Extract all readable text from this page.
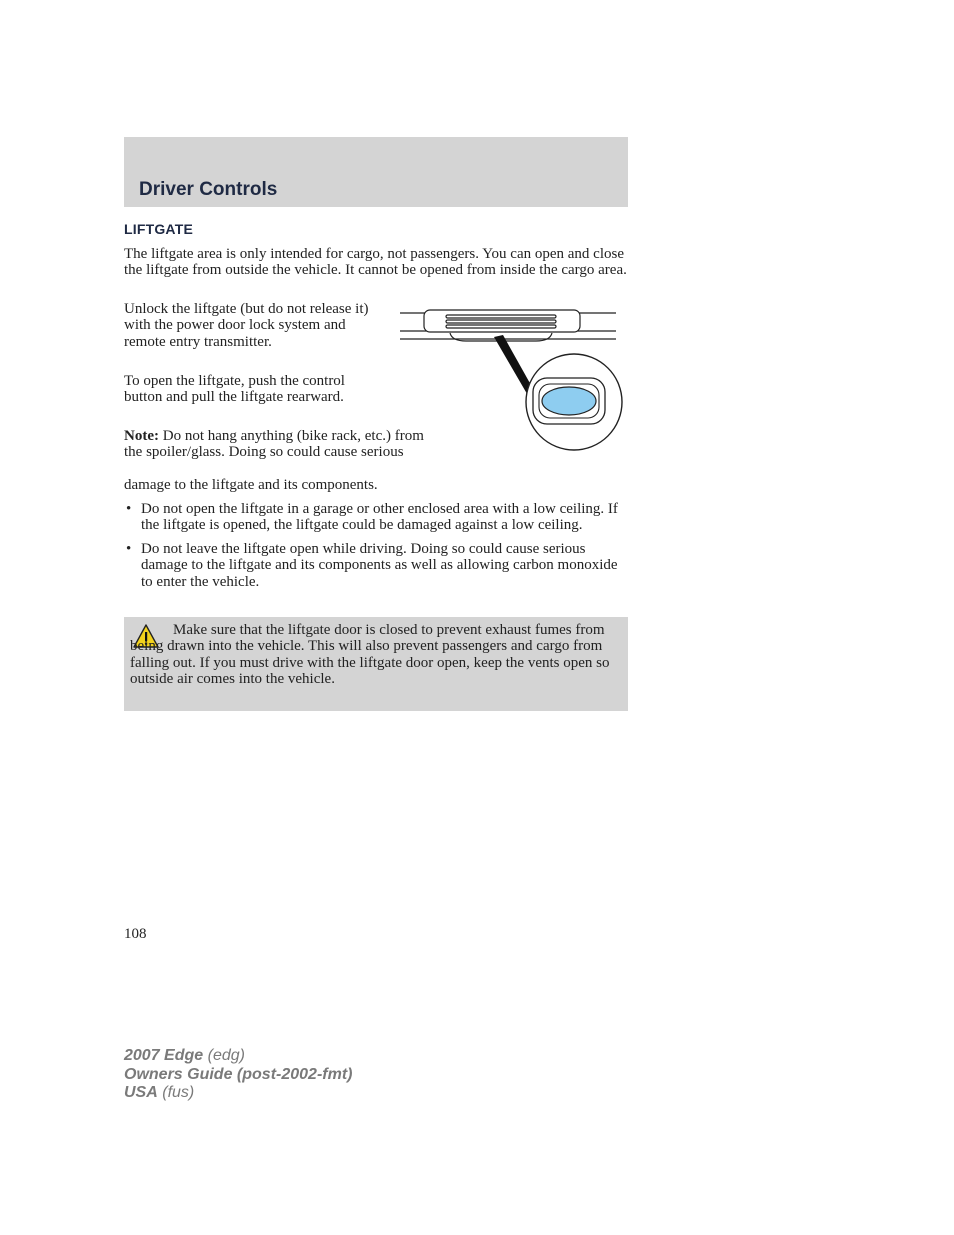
Driver Controls
LIFTGATE
The liftgate area is only intended for cargo, not passengers. You can open and close the liftgate from outside the vehicle. It cannot be opened from inside the cargo area.
Unlock the liftgate (but do not release it) with the power door lock system and remote entry transmitter.
To open the liftgate, push the control button and pull the liftgate rearward.
Note: Do not hang anything (bike rack, etc.) from the spoiler/glass. Doing so could cause serious
damage to the liftgate and its components.
• Do not open the liftgate in a garage or other enclosed area with a low ceiling. If the liftgate is opened, the liftgate could be damaged against a low ceiling.
• Do not leave the liftgate open while driving. Doing so could cause serious damage to the liftgate and its components as well as allowing carbon monoxide to enter the vehicle.
Make sure that the liftgate door is closed to prevent exhaust fumes from being drawn into the vehicle. This will also prevent passengers and cargo from falling out. If you must drive with the liftgate door open, keep the vents open so outside air comes into the vehicle.
108
2007 Edge (edg)
Owners Guide (post-2002-fmt)
USA (fus)
